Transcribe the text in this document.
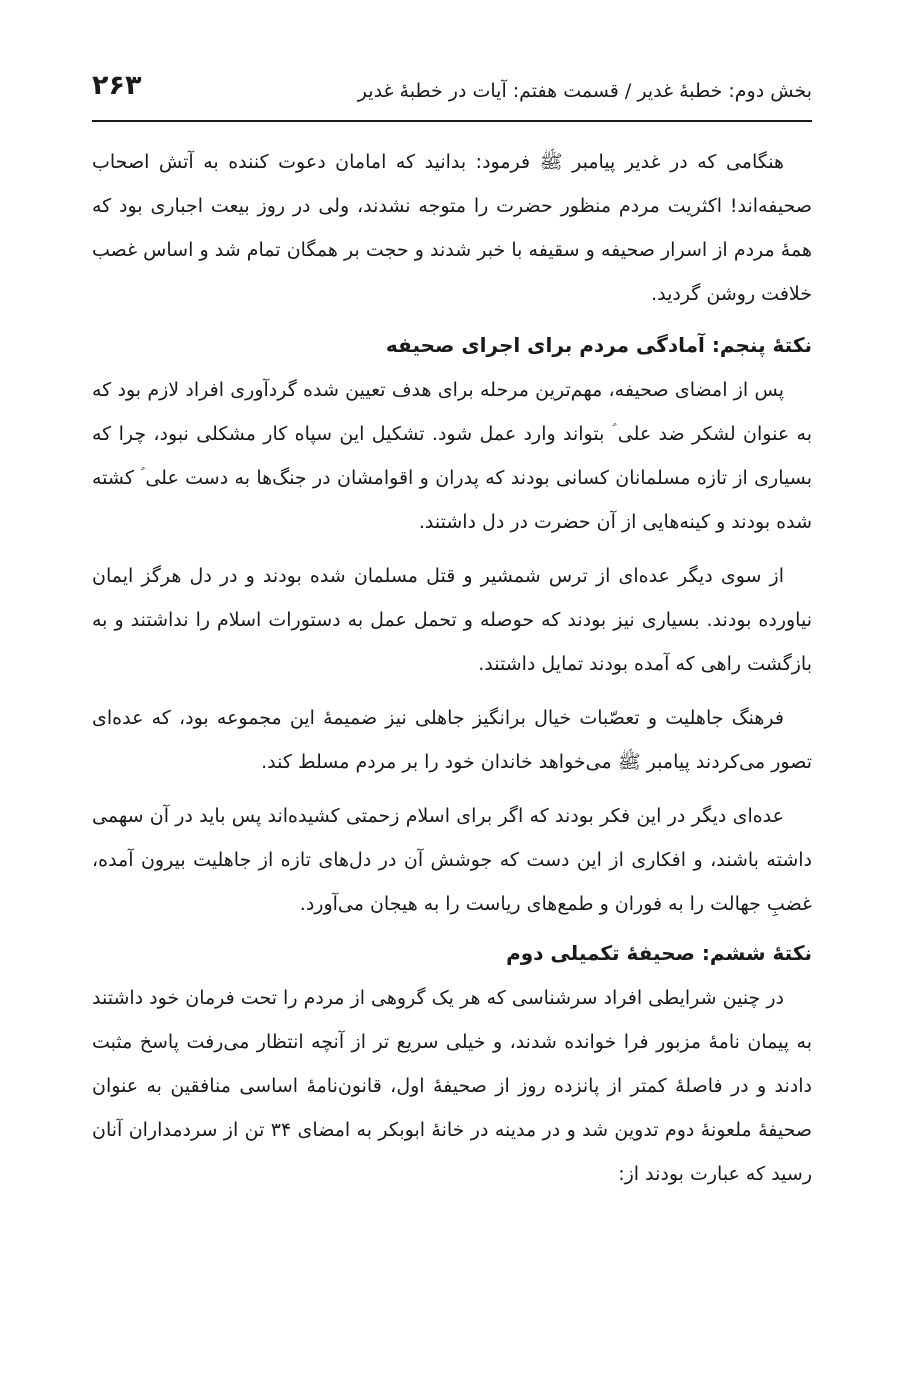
بخش دوم: خطبهٔ غدیر / قسمت هفتم: آیات در خطبهٔ غدیر
۲۶۳

هنگامی که در غدیر پیامبر ﷺ فرمود: بدانید که امامان دعوت کننده به آتش اصحاب صحیفه‌اند! اکثریت مردم منظور حضرت را متوجه نشدند، ولی در روز بیعت اجباری بود که همهٔ مردم از اسرار صحیفه و سقیفه با خبر شدند و حجت بر همگان تمام شد و اساس غصب خلافت روشن گردید.

نکتهٔ پنجم: آمادگی مردم برای اجرای صحیفه

پس از امضای صحیفه، مهم‌ترین مرحله برای هدف تعیین شده گردآوری افراد لازم بود که به عنوان لشکر ضد علی ؑ بتواند وارد عمل شود. تشکیل این سپاه کار مشکلی نبود، چرا که بسیاری از تازه مسلمانان کسانی بودند که پدران و اقوامشان در جنگ‌ها به دست علی ؑ کشته شده بودند و کینه‌هایی از آن حضرت در دل داشتند.

از سوی دیگر عده‌ای از ترس شمشیر و قتل مسلمان شده بودند و در دل هرگز ایمان نیاورده بودند. بسیاری نیز بودند که حوصله و تحمل عمل به دستورات اسلام را نداشتند و به بازگشت راهی که آمده بودند تمایل داشتند.

فرهنگ جاهلیت و تعصّبات خیال برانگیز جاهلی نیز ضمیمهٔ این مجموعه بود، که عده‌ای تصور می‌کردند پیامبر ﷺ می‌خواهد خاندان خود را بر مردم مسلط کند.

عده‌ای دیگر در این فکر بودند که اگر برای اسلام زحمتی کشیده‌اند پس باید در آن سهمی داشته باشند، و افکاری از این دست که جوشش آن در دل‌های تازه از جاهلیت بیرون آمده، غضبِ جهالت را به فوران و طمع‌های ریاست را به هیجان می‌آورد.

نکتهٔ ششم: صحیفهٔ تکمیلی دوم

در چنین شرایطی افراد سرشناسی که هر یک گروهی از مردم را تحت فرمان خود داشتند به پیمان نامهٔ مزبور فرا خوانده شدند، و خیلی سریع تر از آنچه انتظار می‌رفت پاسخ مثبت دادند و در فاصلهٔ کمتر از پانزده روز از صحیفهٔ اول، قانون‌نامهٔ اساسی منافقین به عنوان صحیفهٔ ملعونهٔ دوم تدوین شد و در مدینه در خانهٔ ابوبکر به امضای ۳۴ تن از سردمداران آنان رسید که عبارت بودند از:
